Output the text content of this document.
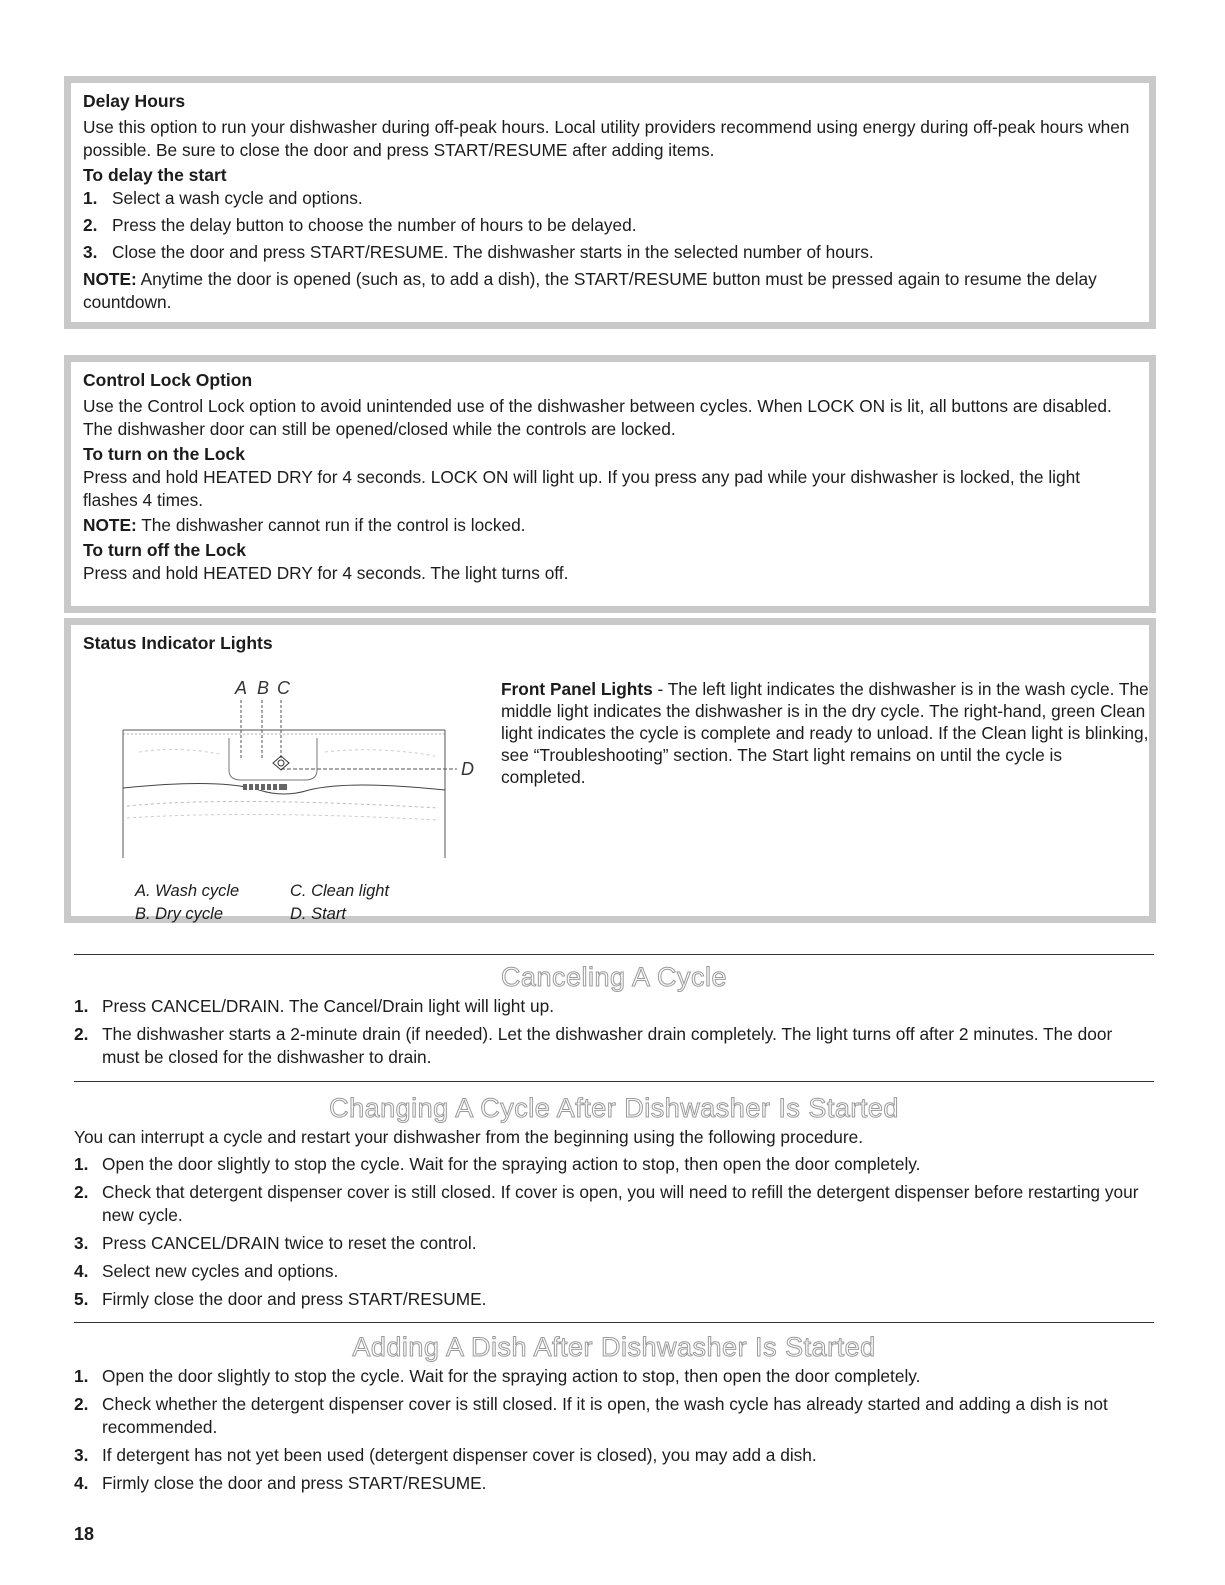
Delay Hours

Use this option to run your dishwasher during off-peak hours. Local utility providers recommend using energy during off-peak hours when possible. Be sure to close the door and press START/RESUME after adding items.

To delay the start
1. Select a wash cycle and options.
2. Press the delay button to choose the number of hours to be delayed.
3. Close the door and press START/RESUME. The dishwasher starts in the selected number of hours.

NOTE: Anytime the door is opened (such as, to add a dish), the START/RESUME button must be pressed again to resume the delay countdown.

Control Lock Option

Use the Control Lock option to avoid unintended use of the dishwasher between cycles. When LOCK ON is lit, all buttons are disabled. The dishwasher door can still be opened/closed while the controls are locked.

To turn on the Lock

Press and hold HEATED DRY for 4 seconds. LOCK ON will light up. If you press any pad while your dishwasher is locked, the light flashes 4 times.

NOTE: The dishwasher cannot run if the control is locked.

To turn off the Lock

Press and hold HEATED DRY for 4 seconds. The light turns off.

Status Indicator Lights
A B C
D
A. Wash cycle	C. Clean light
B. Dry cycle	D. Start
Front Panel Lights - The left light indicates the dishwasher is in the wash cycle. The middle light indicates the dishwasher is in the dry cycle. The right-hand, green Clean light indicates the cycle is complete and ready to unload. If the Clean light is blinking, see “Troubleshooting” section. The Start light remains on until the cycle is completed.
Canceling A Cycle
1. Press CANCEL/DRAIN. The Cancel/Drain light will light up.
2. The dishwasher starts a 2-minute drain (if needed). Let the dishwasher drain completely. The light turns off after 2 minutes. The door must be closed for the dishwasher to drain.
Changing A Cycle After Dishwasher Is Started

You can interrupt a cycle and restart your dishwasher from the beginning using the following procedure.

1. Open the door slightly to stop the cycle. Wait for the spraying action to stop, then open the door completely.
2. Check that detergent dispenser cover is still closed. If cover is open, you will need to refill the detergent dispenser before restarting your new cycle.
3. Press CANCEL/DRAIN twice to reset the control.
4. Select new cycles and options.
5. Firmly close the door and press START/RESUME.
Adding A Dish After Dishwasher Is Started
1. Open the door slightly to stop the cycle. Wait for the spraying action to stop, then open the door completely.
2. Check whether the detergent dispenser cover is still closed. If it is open, the wash cycle has already started and adding a dish is not recommended.
3. If detergent has not yet been used (detergent dispenser cover is closed), you may add a dish.
4. Firmly close the door and press START/RESUME.
18
